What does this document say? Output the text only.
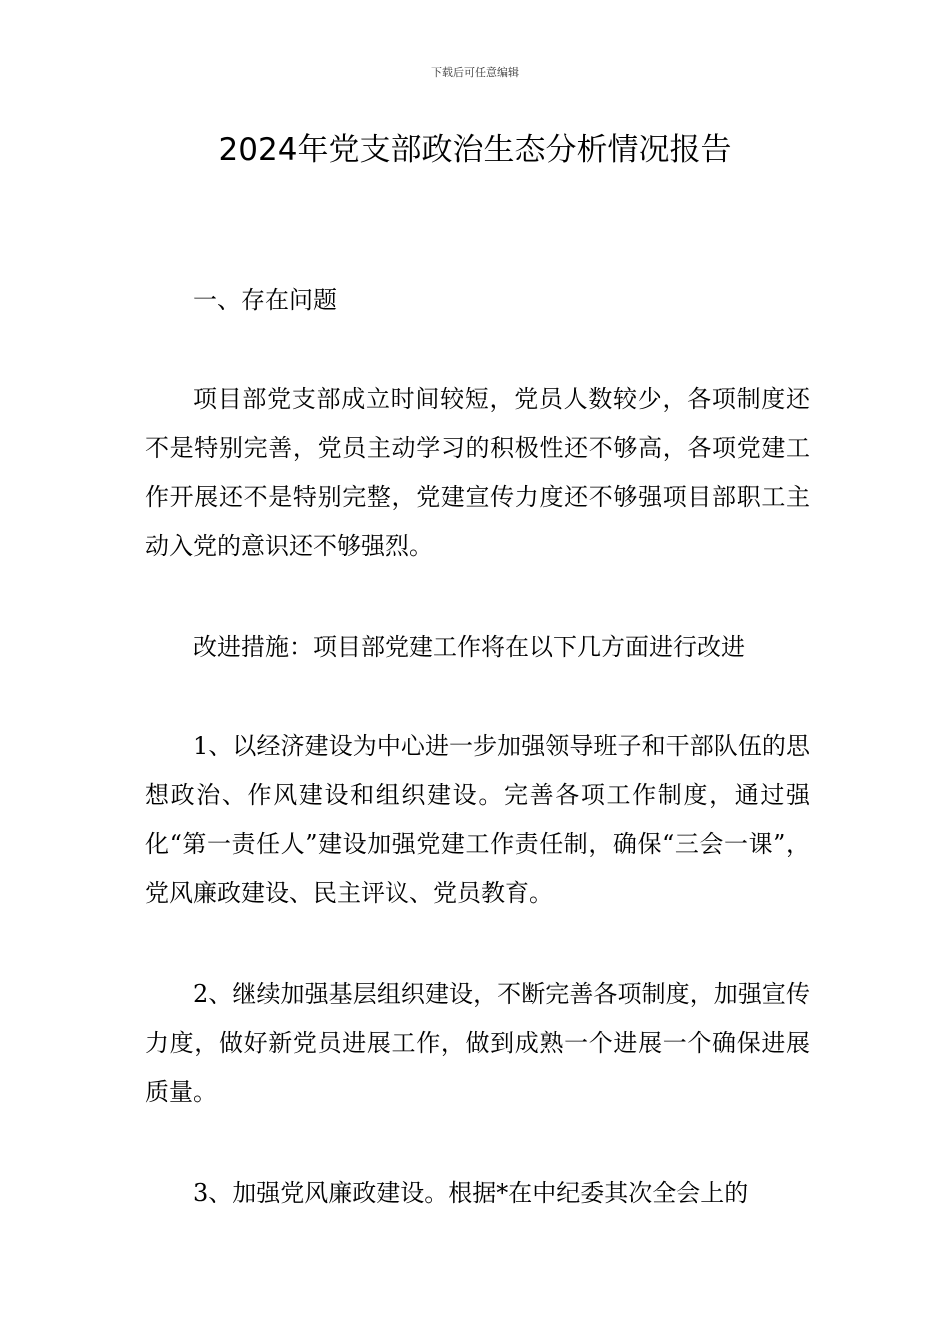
下载后可任意编辑
2024年党支部政治生态分析情况报告

一、存在问题

项目部党支部成立时间较短，党员人数较少，各项制度还不是特别完善，党员主动学习的积极性还不够高，各项党建工作开展还不是特别完整，党建宣传力度还不够强项目部职工主动入党的意识还不够强烈。

改进措施：项目部党建工作将在以下几方面进行改进

1、以经济建设为中心进一步加强领导班子和干部队伍的思想政治、作风建设和组织建设。完善各项工作制度，通过强化“第一责任人”建设加强党建工作责任制，确保“三会一课”，党风廉政建设、民主评议、党员教育。

2、继续加强基层组织建设，不断完善各项制度，加强宣传力度，做好新党员进展工作，做到成熟一个进展一个确保进展质量。

3、加强党风廉政建设。根据*在中纪委其次全会上的
